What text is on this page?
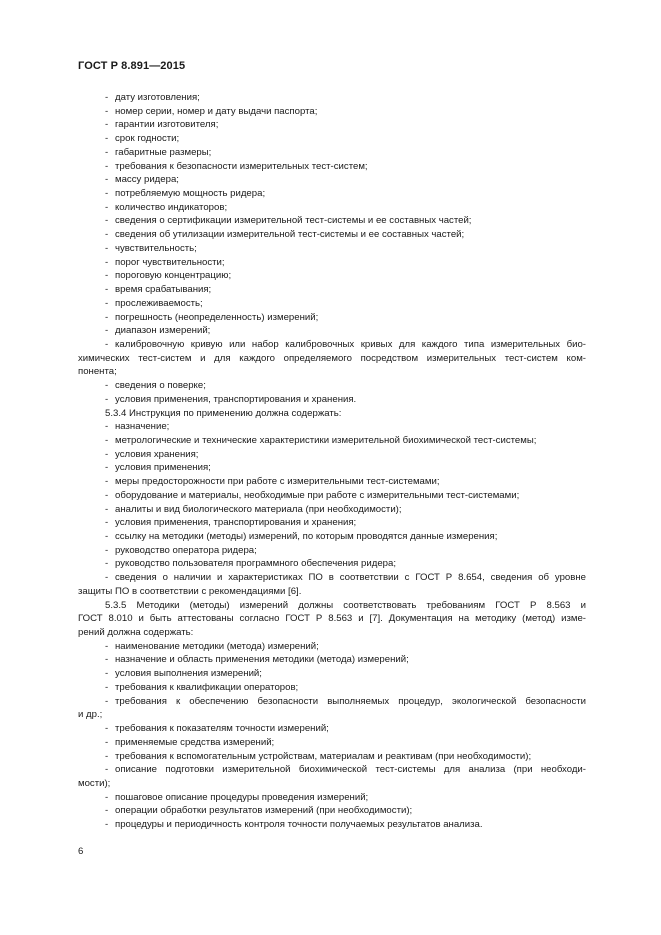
ГОСТ Р 8.891—2015
- дату изготовления;
- номер серии, номер и дату выдачи паспорта;
- гарантии изготовителя;
- срок годности;
- габаритные размеры;
- требования к безопасности измерительных тест-систем;
- массу ридера;
- потребляемую мощность ридера;
- количество индикаторов;
- сведения о сертификации измерительной тест-системы и ее составных частей;
- сведения об утилизации измерительной тест-системы и ее составных частей;
- чувствительность;
- порог чувствительности;
- пороговую концентрацию;
- время срабатывания;
- прослеживаемость;
- погрешность (неопределенность) измерений;
- диапазон измерений;
- калибровочную кривую или набор калибровочных кривых для каждого типа измерительных био-
химических тест-систем и для каждого определяемого посредством измерительных тест-систем ком-
понента;
- сведения о поверке;
- условия применения, транспортирования и хранения.
5.3.4 Инструкция по применению должна содержать:
- назначение;
- метрологические и технические характеристики измерительной биохимической тест-системы;
- условия хранения;
- условия применения;
- меры предосторожности при работе с измерительными тест-системами;
- оборудование и материалы, необходимые при работе с измерительными тест-системами;
- аналиты и вид биологического материала (при необходимости);
- условия применения, транспортирования и хранения;
- ссылку на методики (методы) измерений, по которым проводятся данные измерения;
- руководство оператора ридера;
- руководство пользователя программного обеспечения ридера;
- сведения о наличии и характеристиках ПО в соответствии с ГОСТ Р 8.654, сведения об уровне
защиты ПО в соответствии с рекомендациями [6].
5.3.5 Методики (методы) измерений должны соответствовать требованиям ГОСТ Р 8.563 и
ГОСТ 8.010 и быть аттестованы согласно ГОСТ Р 8.563 и [7]. Документация на методику (метод) изме-
рений должна содержать:
- наименование методики (метода) измерений;
- назначение и область применения методики (метода) измерений;
- условия выполнения измерений;
- требования к квалификации операторов;
- требования к обеспечению безопасности выполняемых процедур, экологической безопасности
и др.;
- требования к показателям точности измерений;
- применяемые средства измерений;
- требования к вспомогательным устройствам, материалам и реактивам (при необходимости);
- описание подготовки измерительной биохимической тест-системы для анализа (при необходи-
мости);
- пошаговое описание процедуры проведения измерений;
- операции обработки результатов измерений (при необходимости);
- процедуры и периодичность контроля точности получаемых результатов анализа.
6
